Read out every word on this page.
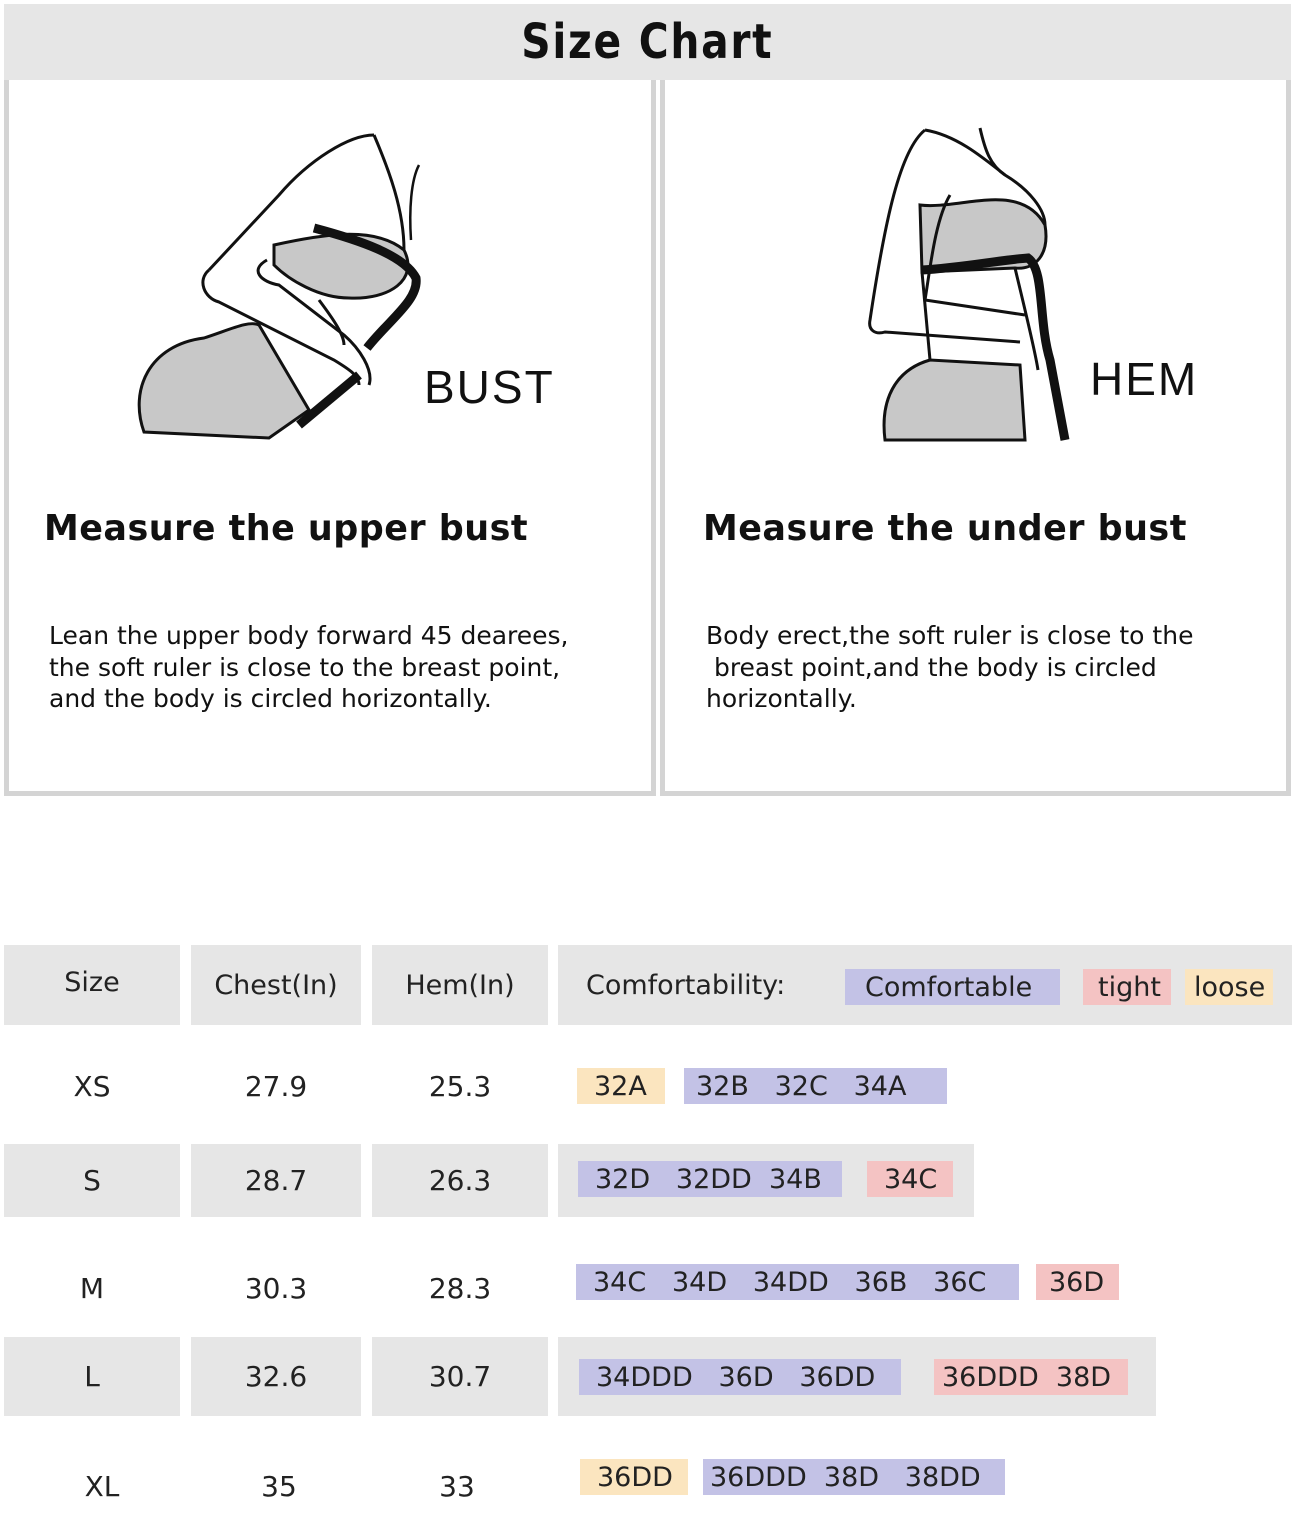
Size Chart
BUST
Measure the upper bust
Lean the upper body forward 45 dearees,
the soft ruler is close to the breast point,
and the body is circled horizontally.
HEM
Measure the under bust
Body erect,the soft ruler is close to the
breast point,and the body is circled
horizontally.
Size	Chest(In)	Hem(In)	Comfortability:	Comfortable	tight	loose
XS	27.9	25.3	32A	32B   32C   34A
S	28.7	26.3	32D   32DD  34B	34C
M	30.3	28.3	34C   34D   34DD   36B   36C	36D
L	32.6	30.7	34DDD   36D   36DD	36DDD  38D
XL	35	33	36DD	36DDD  38D   38DD
